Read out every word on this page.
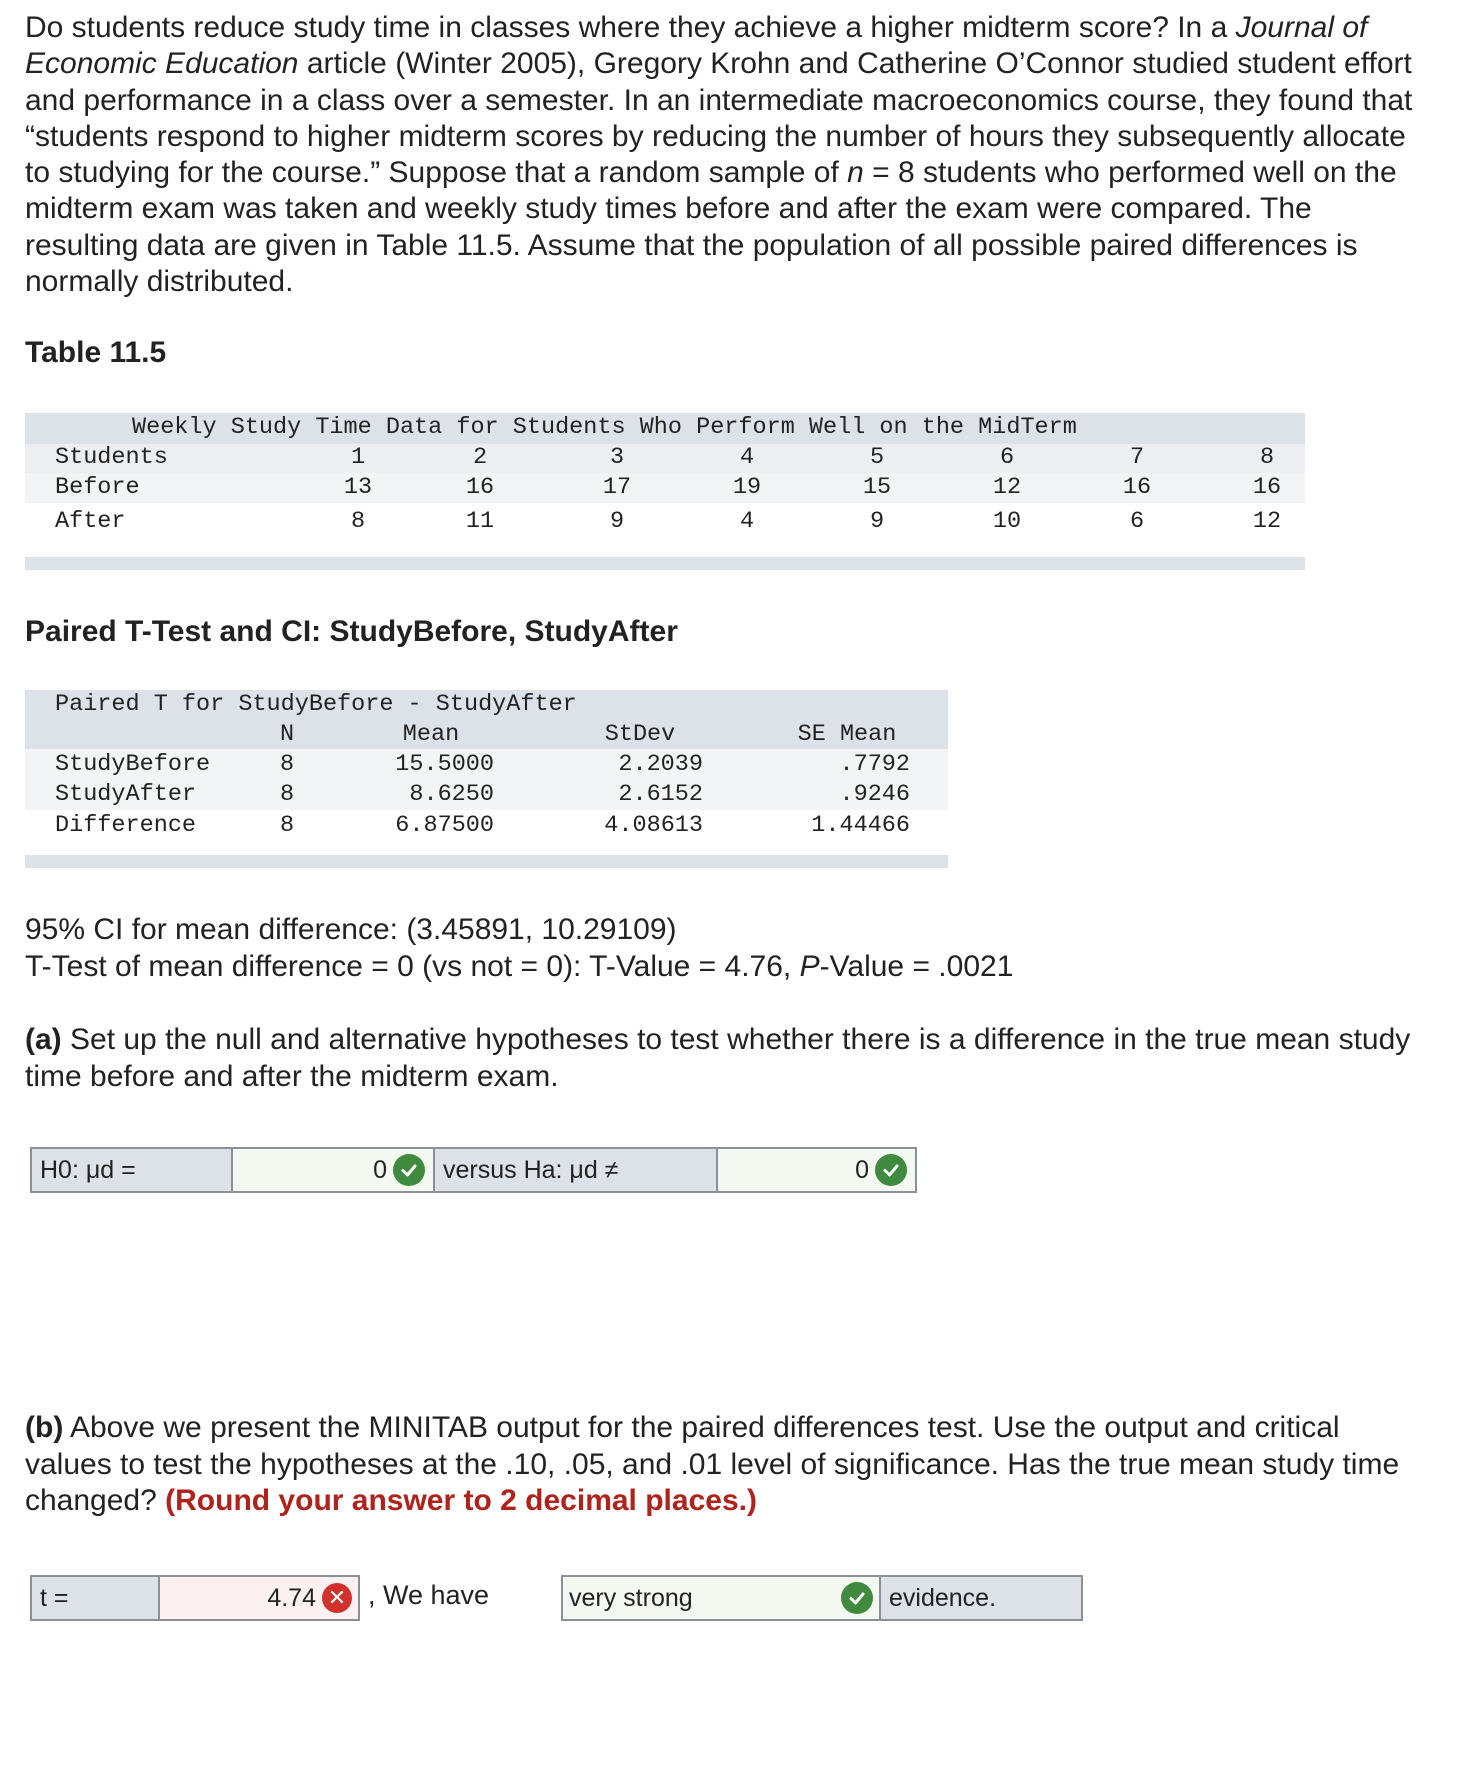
Do students reduce study time in classes where they achieve a higher midterm score? In a Journal of Economic Education article (Winter 2005), Gregory Krohn and Catherine O’Connor studied student effort and performance in a class over a semester. In an intermediate macroeconomics course, they found that “students respond to higher midterm scores by reducing the number of hours they subsequently allocate to studying for the course.” Suppose that a random sample of n = 8 students who performed well on the midterm exam was taken and weekly study times before and after the exam were compared. The resulting data are given in Table 11.5. Assume that the population of all possible paired differences is normally distributed.

Table 11.5
Weekly Study Time Data for Students Who Perform Well on the MidTerm
Students	1	2	3	4	5	6	7	8
Before	13	16	17	19	15	12	16	16
After	8	11	9	4	9	10	6	12
Paired T-Test and CI: StudyBefore, StudyAfter
Paired T for StudyBefore - StudyAfter
N	Mean	StDev	SE Mean
StudyBefore	8	15.5000	2.2039	.7792
StudyAfter	8	8.6250	2.6152	.9246
Difference	8	6.87500	4.08613	1.44466
95% CI for mean difference: (3.45891, 10.29109)
T-Test of mean difference = 0 (vs not = 0): T-Value = 4.76, P-Value = .0021
(a) Set up the null and alternative hypotheses to test whether there is a difference in the true mean study time before and after the midterm exam.
H0: μd =	0 versus Ha: μd ≠	0
(b) Above we present the MINITAB output for the paired differences test. Use the output and critical values to test the hypotheses at the .10, .05, and .01 level of significance. Has the true mean study time changed? (Round your answer to 2 decimal places.)
t =	4.74 ✕ , We have	very strong	evidence.
